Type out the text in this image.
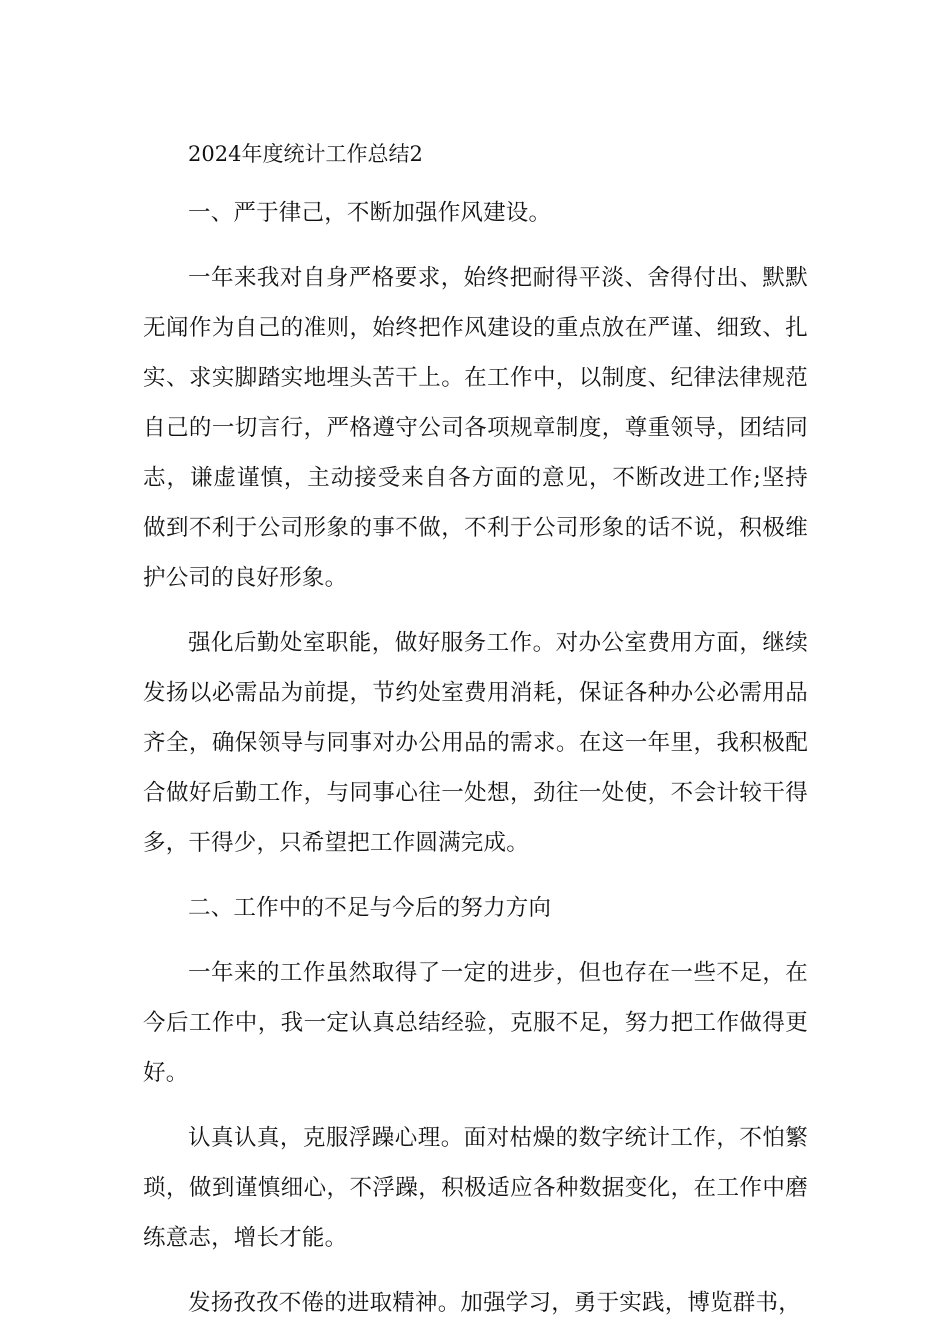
2024年度统计工作总结2

一、严于律己，不断加强作风建设。

一年来我对自身严格要求，始终把耐得平淡、舍得付出、默默无闻作为自己的准则，始终把作风建设的重点放在严谨、细致、扎实、求实脚踏实地埋头苦干上。在工作中，以制度、纪律法律规范自己的一切言行，严格遵守公司各项规章制度，尊重领导，团结同志，谦虚谨慎，主动接受来自各方面的意见，不断改进工作;坚持做到不利于公司形象的事不做，不利于公司形象的话不说，积极维护公司的良好形象。

强化后勤处室职能，做好服务工作。对办公室费用方面，继续发扬以必需品为前提，节约处室费用消耗，保证各种办公必需用品齐全，确保领导与同事对办公用品的需求。在这一年里，我积极配合做好后勤工作，与同事心往一处想，劲往一处使，不会计较干得多，干得少，只希望把工作圆满完成。

二、工作中的不足与今后的努力方向

一年来的工作虽然取得了一定的进步，但也存在一些不足，在今后工作中，我一定认真总结经验，克服不足，努力把工作做得更好。

认真认真，克服浮躁心理。面对枯燥的数字统计工作，不怕繁琐，做到谨慎细心，不浮躁，积极适应各种数据变化，在工作中磨练意志，增长才能。

发扬孜孜不倦的进取精神。加强学习，勇于实践，博览群书，
